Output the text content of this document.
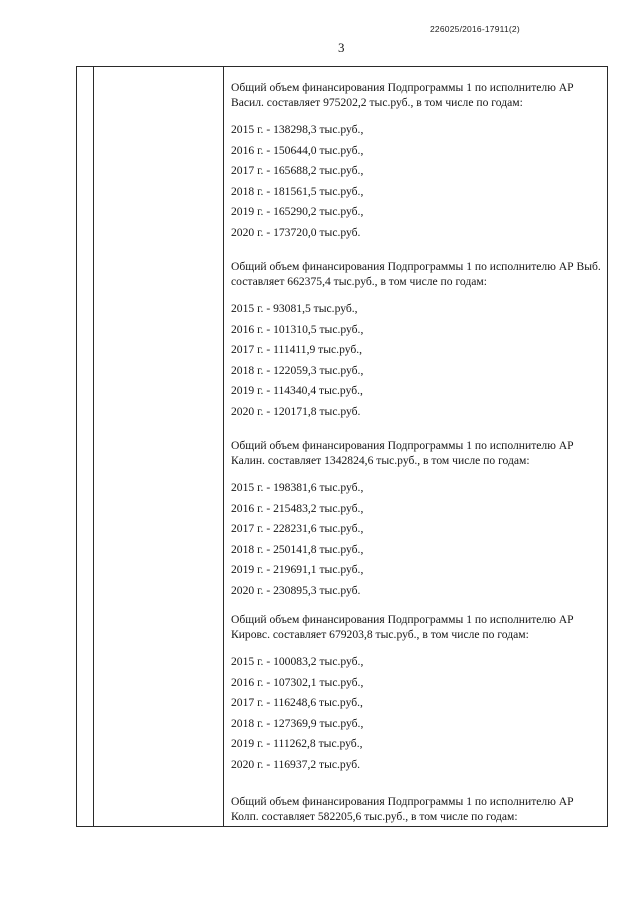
226025/2016-17911(2)
3

Общий объем финансирования Подпрограммы 1 по исполнителю АР Васил. составляет 975202,2 тыс.руб., в том числе по годам:

2015 г. - 138298,3 тыс.руб.,
2016 г. - 150644,0 тыс.руб.,
2017 г. - 165688,2 тыс.руб.,
2018 г. - 181561,5 тыс.руб.,
2019 г. - 165290,2 тыс.руб.,
2020 г. - 173720,0 тыс.руб.

Общий объем финансирования Подпрограммы 1 по исполнителю АР Выб. составляет 662375,4 тыс.руб., в том числе по годам:

2015 г. - 93081,5 тыс.руб.,
2016 г. - 101310,5 тыс.руб.,
2017 г. - 111411,9 тыс.руб.,
2018 г. - 122059,3 тыс.руб.,
2019 г. - 114340,4 тыс.руб.,
2020 г. - 120171,8 тыс.руб.

Общий объем финансирования Подпрограммы 1 по исполнителю АР Калин. составляет 1342824,6 тыс.руб., в том числе по годам:

2015 г. - 198381,6 тыс.руб.,
2016 г. - 215483,2 тыс.руб.,
2017 г. - 228231,6 тыс.руб.,
2018 г. - 250141,8 тыс.руб.,
2019 г. - 219691,1 тыс.руб.,
2020 г. - 230895,3 тыс.руб.

Общий объем финансирования Подпрограммы 1 по исполнителю АР Кировс. составляет 679203,8 тыс.руб., в том числе по годам:

2015 г. - 100083,2 тыс.руб.,
2016 г. - 107302,1 тыс.руб.,
2017 г. - 116248,6 тыс.руб.,
2018 г. - 127369,9 тыс.руб.,
2019 г. - 111262,8 тыс.руб.,
2020 г. - 116937,2 тыс.руб.

Общий объем финансирования Подпрограммы 1 по исполнителю АР Колп. составляет 582205,6 тыс.руб., в том числе по годам:
